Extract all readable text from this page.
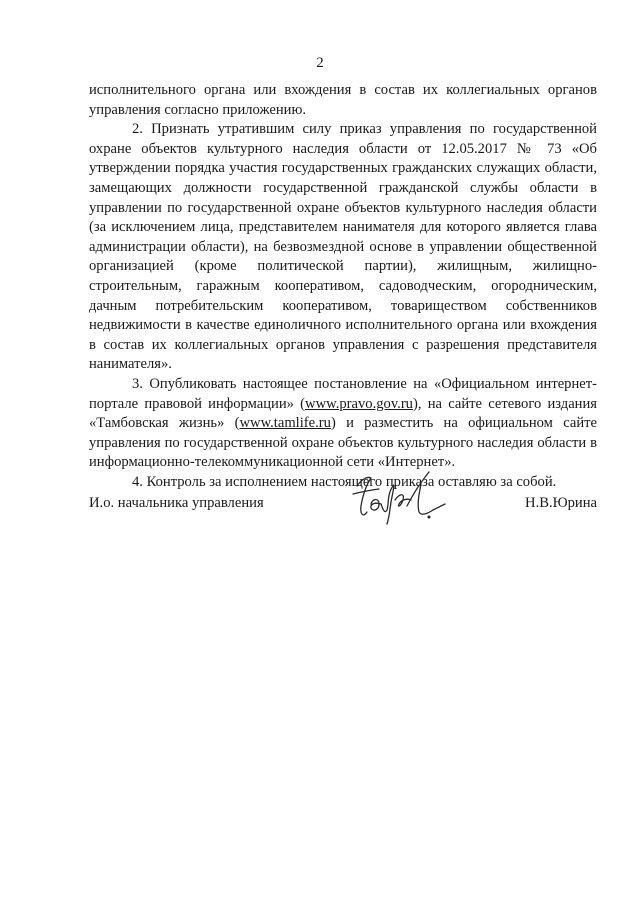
2

исполнительного органа или вхождения в состав их коллегиальных органов управления согласно приложению.

2. Признать утратившим силу приказ управления по государственной охране объектов культурного наследия области от 12.05.2017 № 73 «Об утверждении порядка участия государственных гражданских служащих области, замещающих должности государственной гражданской службы области в управлении по государственной охране объектов культурного наследия области (за исключением лица, представителем нанимателя для которого является глава администрации области), на безвозмездной основе в управлении общественной организацией (кроме политической партии), жилищным, жилищно-строительным, гаражным кооперативом, садоводческим, огородническим, дачным потребительским кооперативом, товариществом собственников недвижимости в качестве единоличного исполнительного органа или вхождения в состав их коллегиальных органов управления с разрешения представителя нанимателя».

3. Опубликовать настоящее постановление на «Официальном интернет-портале правовой информации» (www.pravo.gov.ru), на сайте сетевого издания «Тамбовская жизнь» (www.tamlife.ru) и разместить на официальном сайте управления по государственной охране объектов культурного наследия области в информационно-телекоммуникационной сети «Интернет».

4. Контроль за исполнением настоящего приказа оставляю за собой.

И.о. начальника управления	Н.В.Юрина
